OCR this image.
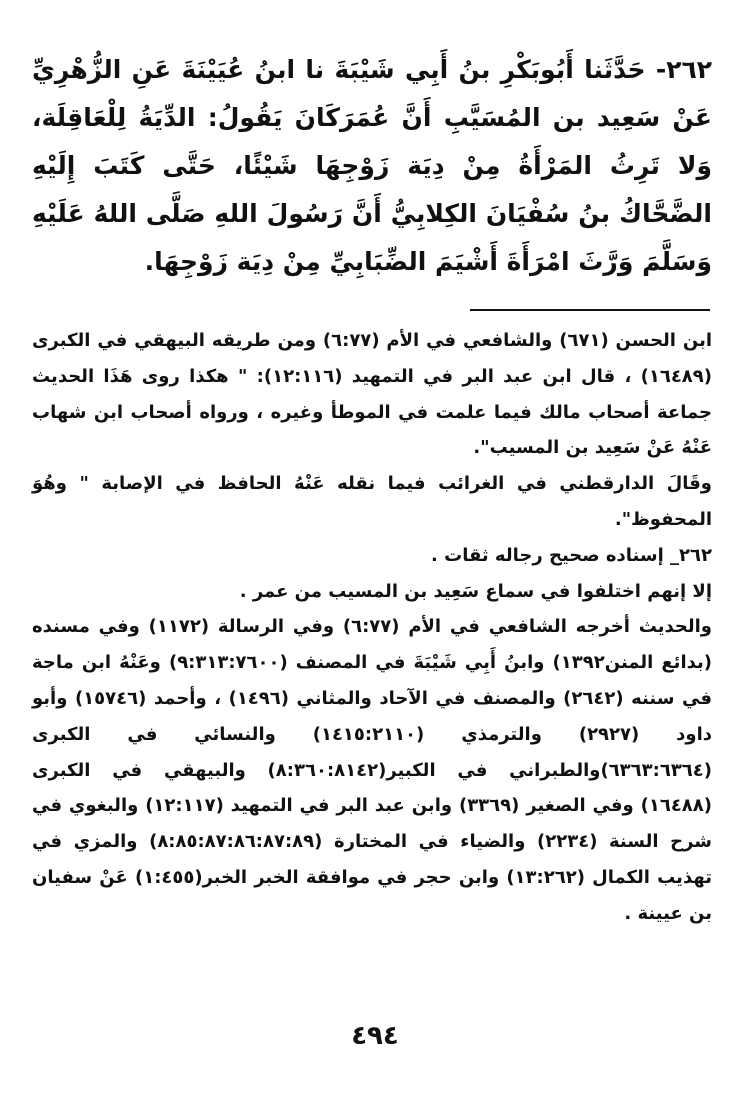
٢٦٢- حَدَّثَنا أَبُوبَكْرِ بنُ أَبِي شَيْبَةَ نا ابنُ عُيَيْنَةَ عَنِ الزُّهْرِيِّ عَنْ سَعِيد بن المُسَيَّبِ أَنَّ عُمَرَكَانَ يَقُولُ: الدِّيَةُ لِلْعَاقِلَة، وَلا تَرِثُ المَرْأَةُ مِنْ دِيَة زَوْجِهَا شَيْئًا، حَتَّى كَتَبَ إِلَيْهِ الضَّحَّاكُ بنُ سُفْيَانَ الكِلابِيُّ أَنَّ رَسُولَ اللهِ صَلَّى اللهُ عَلَيْهِ وَسَلَّمَ وَرَّثَ امْرَأَةَ أَشْيَمَ الضِّبَابِيِّ مِنْ دِيَة زَوْجِهَا.

ابن الحسن (٦٧١) والشافعي في الأم (٦:٧٧) ومن طريقه البيهقي في الكبرى (١٦٤٨٩) ، قال ابن عبد البر في التمهيد (١٢:١١٦): " هكذا روى هَذَا الحديث جماعة أصحاب مالك فيما علمت في الموطأ وغيره ، ورواه أصحاب ابن شهاب عَنْهُ عَنْ سَعِيد بن المسيب".

وقَالَ الدارقطني في الغرائب فيما نقله عَنْهُ الحافظ في الإصابة " وهُوَ المحفوظ".

٢٦٢_ إسناده صحيح رجاله ثقات .

إلا إنهم اختلفوا في سماع سَعِيد بن المسيب من عمر .

والحديث أخرجه الشافعي في الأم (٦:٧٧) وفي الرسالة (١١٧٢) وفي مسنده (بدائع المنن١٣٩٢) وابنُ أَبِي شَيْبَةَ في المصنف (٩:٣١٣:٧٦٠٠) وعَنْهُ ابن ماجة في سننه (٢٦٤٢) والمصنف في الآحاد والمثاني (١٤٩٦) ، وأحمد (١٥٧٤٦) وأبو داود (٢٩٢٧) والترمذي (١٤١٥:٢١١٠) والنسائي في الكبرى (٦٣٦٣:٦٣٦٤)والطبراني في الكبير(٨:٣٦٠:٨١٤٢) والبيهقي في الكبرى (١٦٤٨٨) وفي الصغير (٣٣٦٩) وابن عبد البر في التمهيد (١٢:١١٧) والبغوي في شرح السنة (٢٢٣٤) والضياء في المختارة (٨:٨٥:٨٧:٨٦:٨٧:٨٩) والمزي في تهذيب الكمال (١٣:٢٦٢) وابن حجر في موافقة الخبر الخبر(١:٤٥٥) عَنْ سفيان بن عيينة .

٤٩٤
